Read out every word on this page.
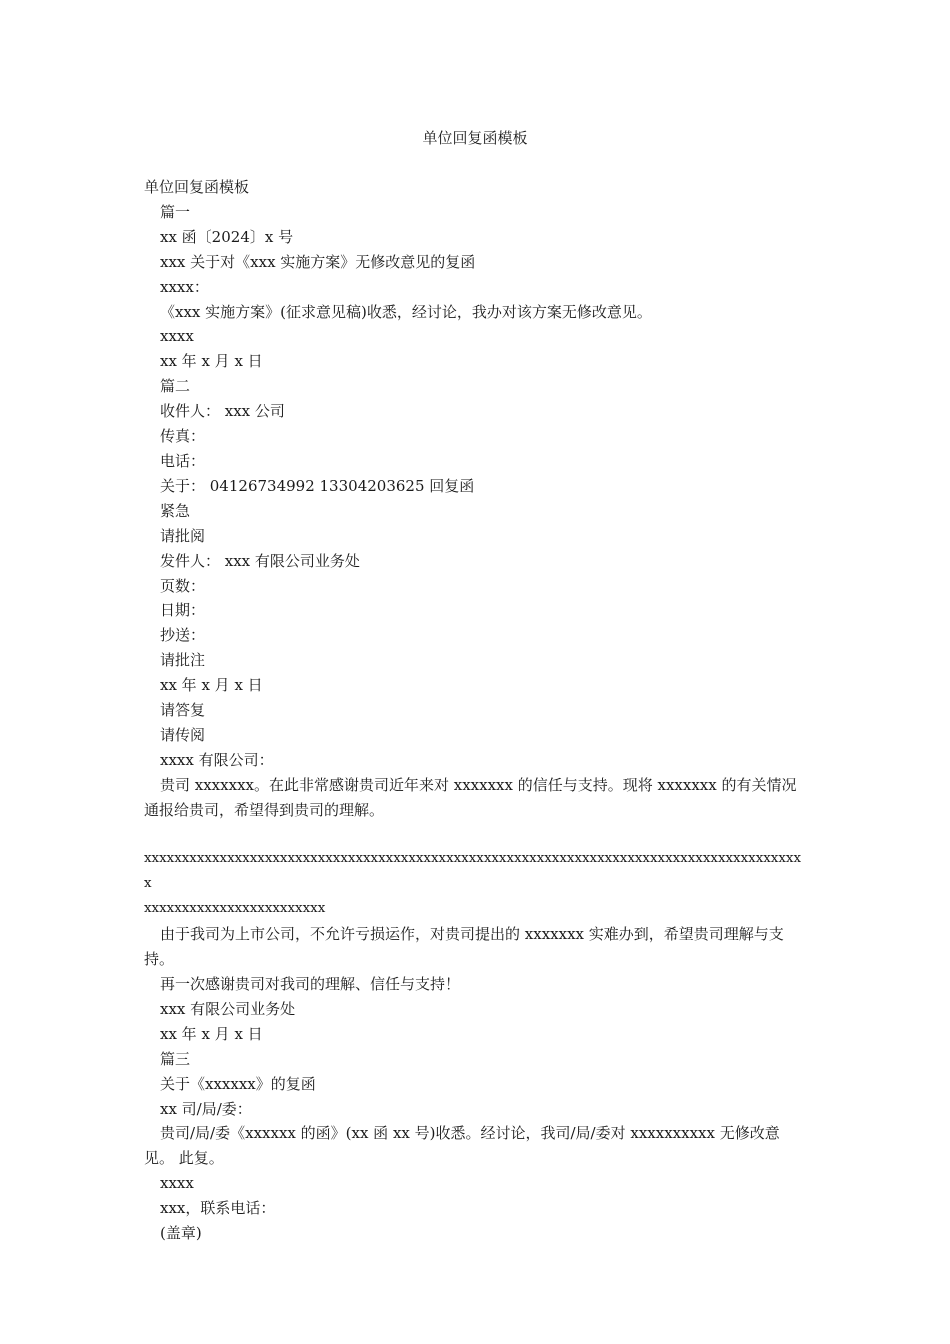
单位回复函模板

单位回复函模板

篇一

xx 函〔2024〕x 号

xxx 关于对《xxx 实施方案》无修改意见的复函

xxxx：

《xxx 实施方案》(征求意见稿)收悉，经讨论，我办对该方案无修改意见。

xxxx

xx 年 x 月 x 日

篇二

收件人： xxx 公司

传真：

电话：

关于： 04126734992 13304203625 回复函

紧急

请批阅

发件人： xxx 有限公司业务处

页数：

日期：

抄送：

请批注

xx 年 x 月 x 日

请答复

请传阅

xxxx 有限公司：

贵司 xxxxxxx。在此非常感谢贵司近年来对 xxxxxxx 的信任与支持。现将 xxxxxxx 的有关情况通报给贵司，希望得到贵司的理解。

xxxxxxxxxxxxxxxxxxxxxxxxxxxxxxxxxxxxxxxxxxxxxxxxxxxxxxxxxxxxxxxxxxxxxxxxxxxxxxxxxxxxxxxx

xxxxxxxxxxxxxxxxxxxxxxxx

由于我司为上市公司，不允许亏损运作，对贵司提出的 xxxxxxx 实难办到，希望贵司理解与支持。

再一次感谢贵司对我司的理解、信任与支持！

xxx 有限公司业务处

xx 年 x 月 x 日

篇三

关于《xxxxxx》的复函

xx 司/局/委：

贵司/局/委《xxxxxx 的函》(xx 函 xx 号)收悉。经讨论，我司/局/委对 xxxxxxxxxx 无修改意见。 此复。

xxxx

xxx，联系电话：

(盖章)
